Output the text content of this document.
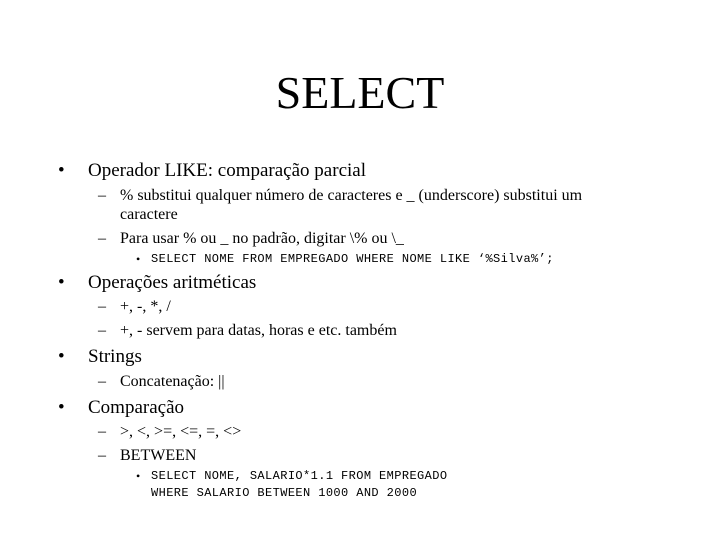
SELECT
• Operador LIKE: comparação parcial
– % substitui qualquer número de caracteres e _ (underscore) substitui um
caractere
– Para usar % ou _ no padrão, digitar \% ou \_
• SELECT NOME FROM EMPREGADO WHERE NOME LIKE ‘%Silva%’;
• Operações aritméticas
– +, -, *, /
– +, - servem para datas, horas e etc. também
• Strings
– Concatenação: ||
• Comparação
– >, <, >=, <=, =, <>
– BETWEEN
• SELECT NOME, SALARIO*1.1 FROM EMPREGADO
WHERE SALARIO BETWEEN 1000 AND 2000
